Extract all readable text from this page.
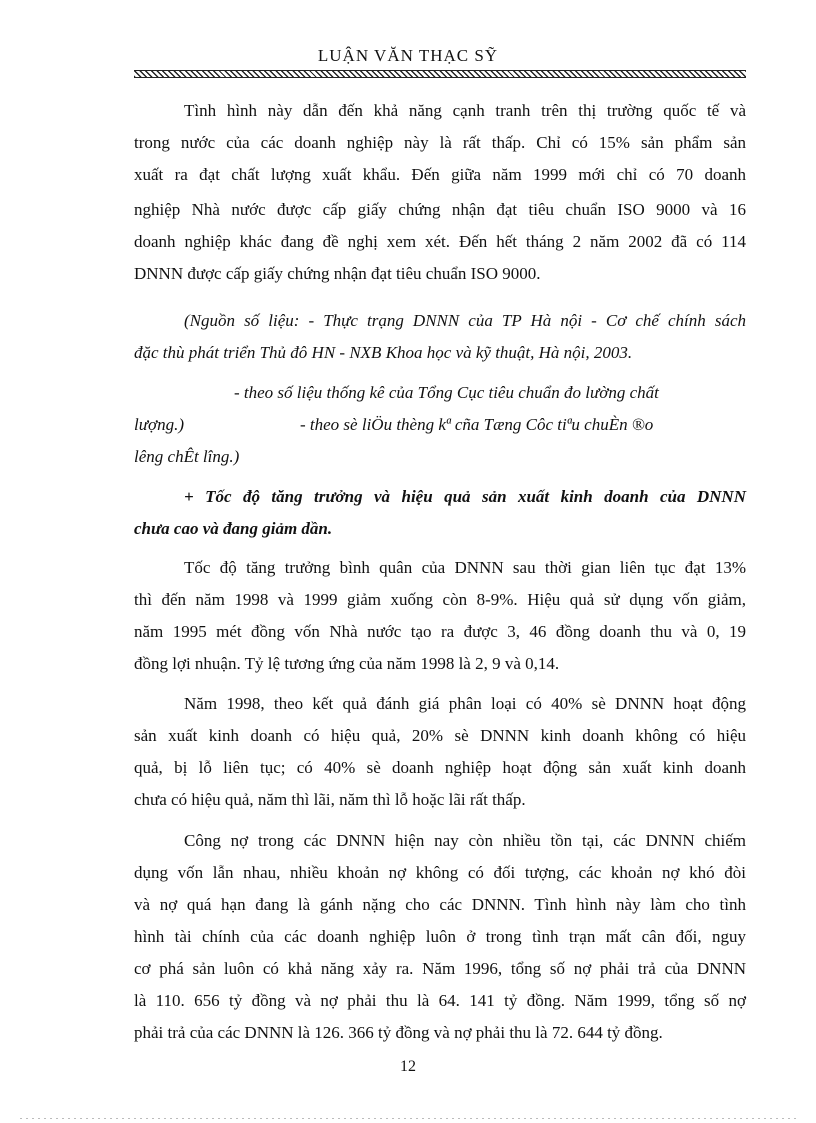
LUẬN VĂN THẠC SỸ
Tình hình này dẫn đến khả năng cạnh tranh trên thị trường quốc tế và
trong nước của các doanh nghiệp này là rất thấp. Chỉ có 15% sản phẩm sản
xuất ra đạt chất lượng xuất khẩu. Đến giữa năm 1999 mới chỉ có 70 doanh
nghiệp Nhà nước được cấp giấy chứng nhận đạt tiêu chuẩn ISO 9000 và 16
doanh nghiệp khác đang đề nghị xem xét. Đến hết tháng 2 năm 2002 đã có 114
DNNN được cấp giấy chứng nhận đạt tiêu chuẩn ISO 9000.
(Nguồn số liệu: - Thực trạng DNNN của TP Hà nội - Cơ chế chính sách
đặc thù phát triển Thủ đô HN - NXB Khoa học và kỹ thuật, Hà nội, 2003.
- theo số liệu thống kê của Tổng Cục tiêu chuẩn đo lường chất
lượng.)	- theo sè liÖu thèng kª cña Tæng Côc tiªu chuÈn ®o
lêng chÊt lîng.)
+ Tốc độ tăng trưởng và hiệu quả sản xuất kinh doanh của DNNN
chưa cao và đang giảm dần.
Tốc độ tăng trưởng bình quân của DNNN sau thời gian liên tục đạt 13%
thì đến năm 1998 và 1999 giảm xuống còn 8-9%. Hiệu quả sử dụng vốn giảm,
năm 1995 mét đồng vốn Nhà nước tạo ra được 3, 46 đồng doanh thu và 0, 19
đồng lợi nhuận. Tỷ lệ tương ứng của năm 1998 là 2, 9 và 0,14.
Năm 1998, theo kết quả đánh giá phân loại có 40% sè DNNN hoạt động
sản xuất kinh doanh có hiệu quả, 20% sè DNNN kinh doanh không có hiệu
quả, bị lỗ liên tục; có 40% sè doanh nghiệp hoạt động sản xuất kinh doanh
chưa có hiệu quả, năm thì lãi, năm thì lỗ hoặc lãi rất thấp.
Công nợ trong các DNNN hiện nay còn nhiều tồn tại, các DNNN chiếm
dụng vốn lẫn nhau, nhiều khoản nợ không có đối tượng, các khoản nợ khó đòi
và nợ quá hạn đang là gánh nặng cho các DNNN. Tình hình này làm cho tình
hình tài chính của các doanh nghiệp luôn ở trong tình trạn mất cân đối, nguy
cơ phá sản luôn có khả năng xảy ra. Năm 1996, tổng số nợ phải trả của DNNN
là 110. 656 tỷ đồng và nợ phải thu là 64. 141 tỷ đồng. Năm 1999, tổng số nợ
phải trả của các DNNN là 126. 366 tỷ đồng và nợ phải thu là 72. 644 tỷ đồng.
12
